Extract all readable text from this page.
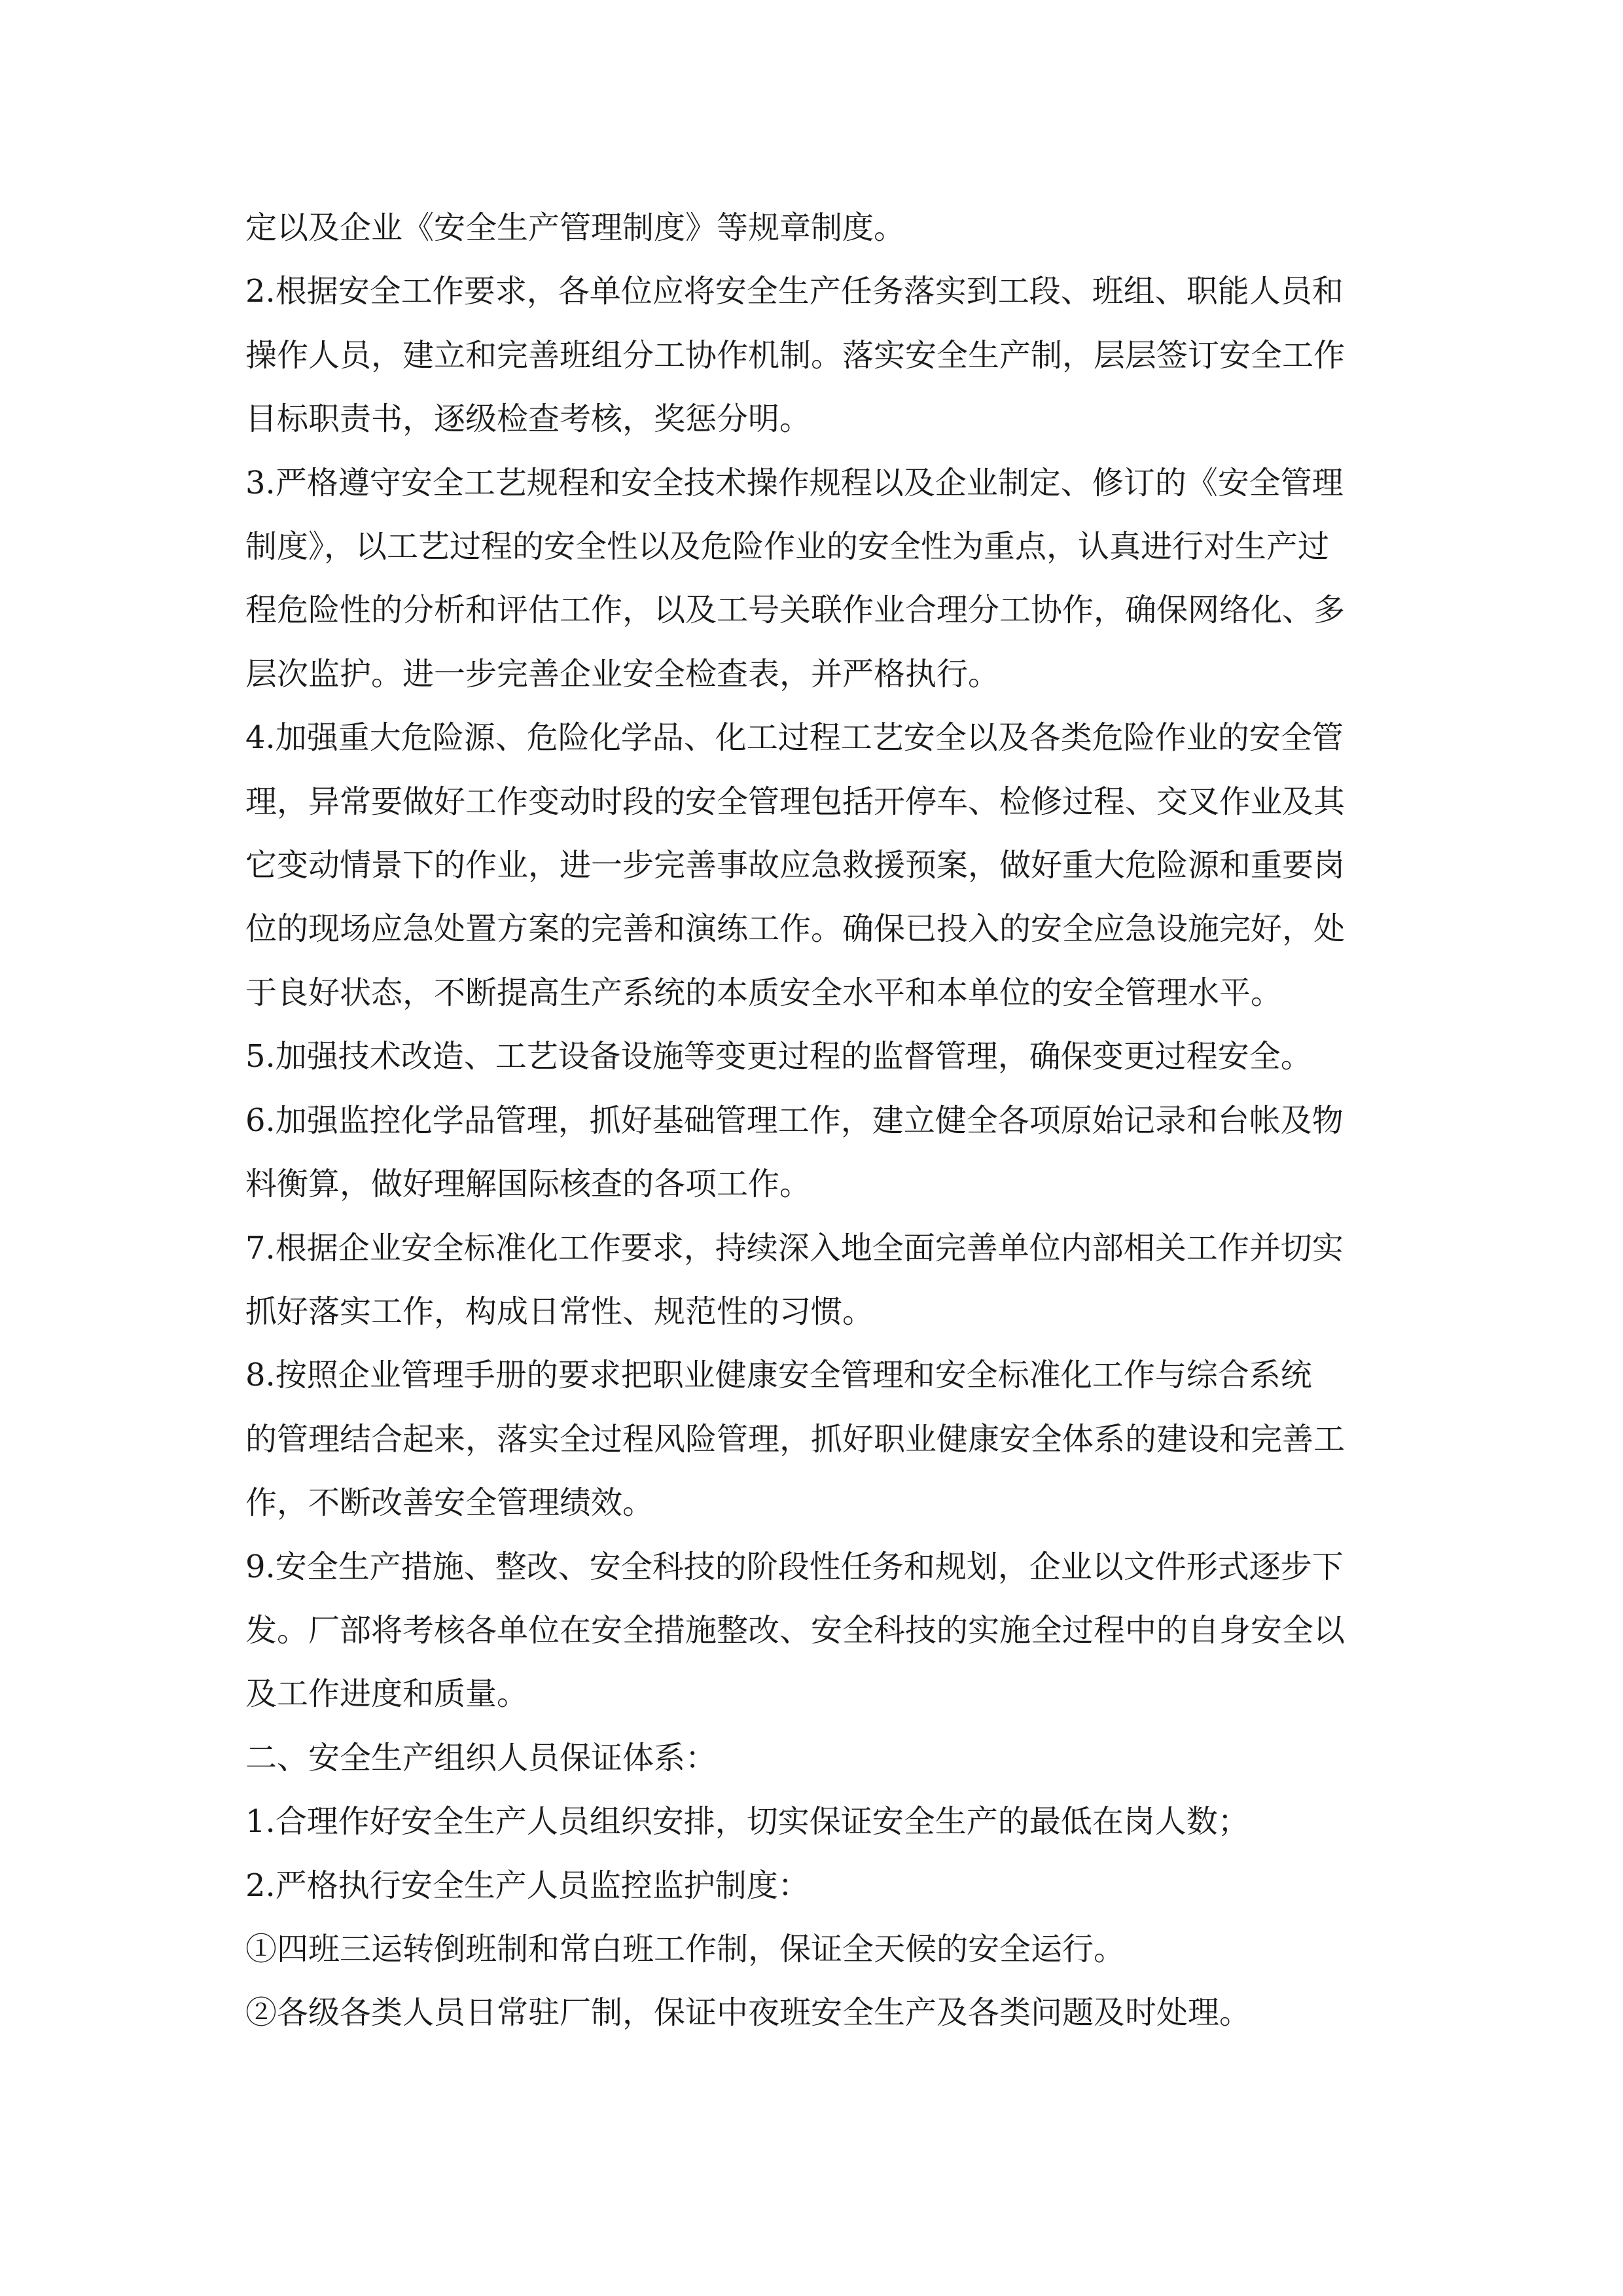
定以及企业《安全生产管理制度》等规章制度。

2.根据安全工作要求，各单位应将安全生产任务落实到工段、班组、职能人员和

操作人员，建立和完善班组分工协作机制。落实安全生产制，层层签订安全工作

目标职责书，逐级检查考核，奖惩分明。

3.严格遵守安全工艺规程和安全技术操作规程以及企业制定、修订的《安全管理

制度》，以工艺过程的安全性以及危险作业的安全性为重点，认真进行对生产过

程危险性的分析和评估工作，以及工号关联作业合理分工协作，确保网络化、多

层次监护。进一步完善企业安全检查表，并严格执行。

4.加强重大危险源、危险化学品、化工过程工艺安全以及各类危险作业的安全管

理，异常要做好工作变动时段的安全管理包括开停车、检修过程、交叉作业及其

它变动情景下的作业，进一步完善事故应急救援预案，做好重大危险源和重要岗

位的现场应急处置方案的完善和演练工作。确保已投入的安全应急设施完好，处

于良好状态，不断提高生产系统的本质安全水平和本单位的安全管理水平。

5.加强技术改造、工艺设备设施等变更过程的监督管理，确保变更过程安全。

6.加强监控化学品管理，抓好基础管理工作，建立健全各项原始记录和台帐及物

料衡算，做好理解国际核查的各项工作。

7.根据企业安全标准化工作要求，持续深入地全面完善单位内部相关工作并切实

抓好落实工作，构成日常性、规范性的习惯。

8.按照企业管理手册的要求把职业健康安全管理和安全标准化工作与综合系统

的管理结合起来，落实全过程风险管理，抓好职业健康安全体系的建设和完善工

作，不断改善安全管理绩效。

9.安全生产措施、整改、安全科技的阶段性任务和规划，企业以文件形式逐步下

发。厂部将考核各单位在安全措施整改、安全科技的实施全过程中的自身安全以

及工作进度和质量。

二、安全生产组织人员保证体系：

1.合理作好安全生产人员组织安排，切实保证安全生产的最低在岗人数；

2.严格执行安全生产人员监控监护制度：

①四班三运转倒班制和常白班工作制，保证全天候的安全运行。

②各级各类人员日常驻厂制，保证中夜班安全生产及各类问题及时处理。
